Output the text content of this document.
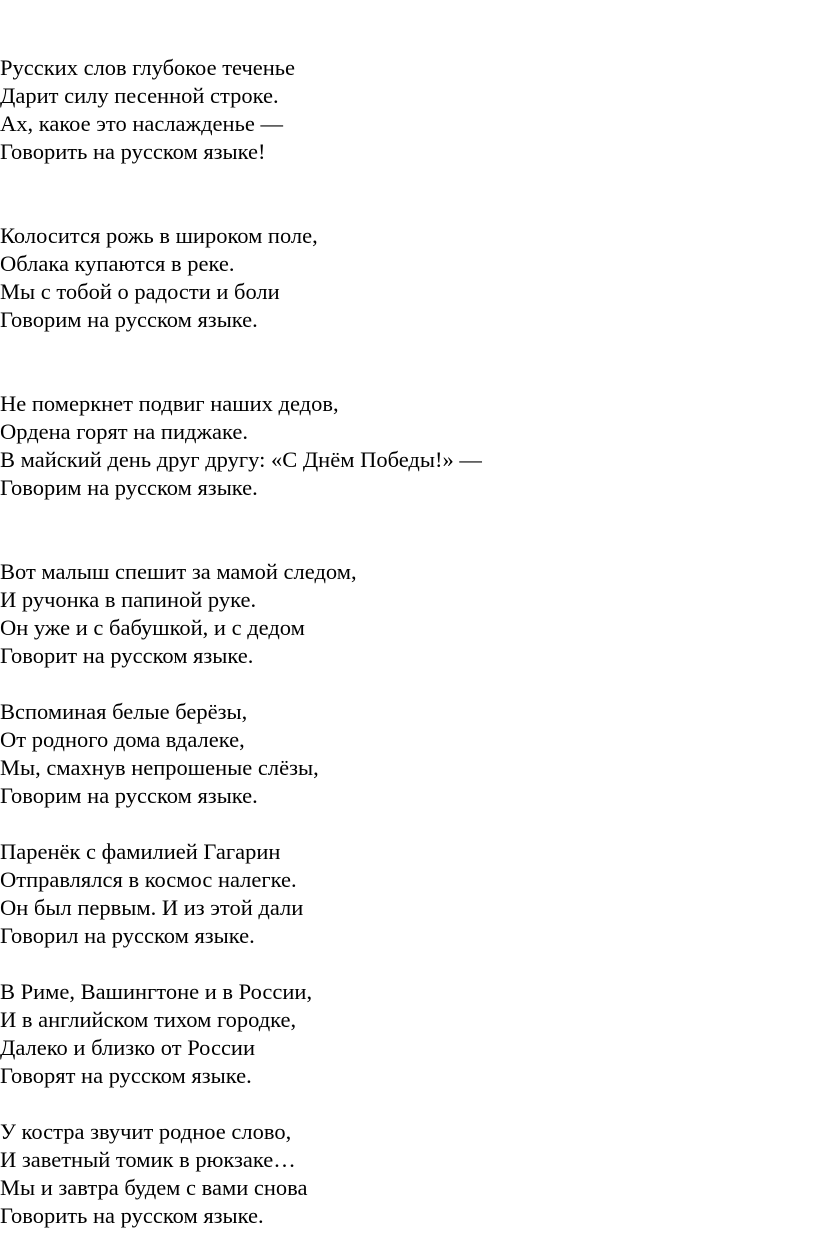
Русских слов глубокое теченье
Дарит силу песенной строке.
Ах, какое это наслажденье —
Говорить на русском языке!
Колосится рожь в широком поле,
Облака купаются в реке.
Мы с тобой о радости и боли
Говорим на русском языке.
Не померкнет подвиг наших дедов,
Ордена горят на пиджаке.
В майский день друг другу: «С Днём Победы!» —
Говорим на русском языке.
Вот малыш спешит за мамой следом,
И ручонка в папиной руке.
Он уже и с бабушкой, и с дедом
Говорит на русском языке.
Вспоминая белые берёзы,
От родного дома вдалеке,
Мы, смахнув непрошеные слёзы,
Говорим на русском языке.
Паренёк с фамилией Гагарин
Отправлялся в космос налегке.
Он был первым. И из этой дали
Говорил на русском языке.
В Риме, Вашингтоне и в России,
И в английском тихом городке,
Далеко и близко от России
Говорят на русском языке.
У костра звучит родное слово,
И заветный томик в рюкзаке…
Мы и завтра будем с вами снова
Говорить на русском языке.
